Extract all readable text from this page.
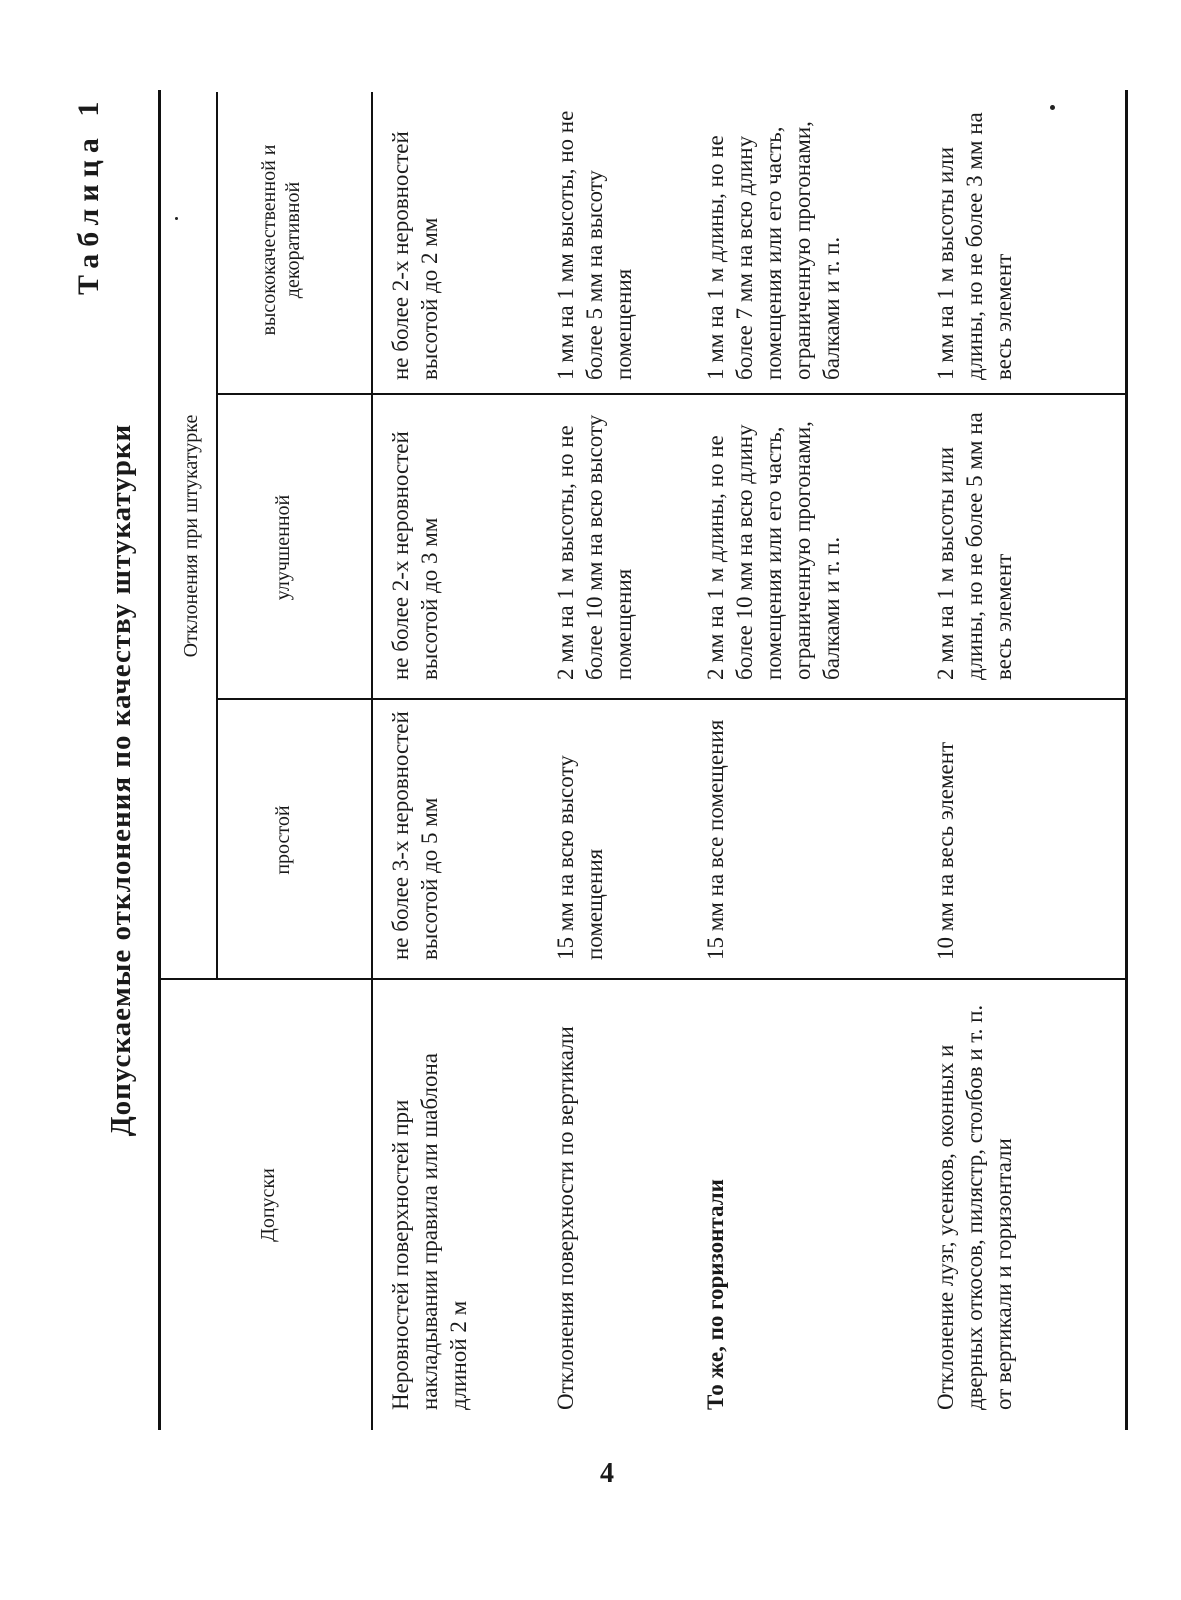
Таблица 1
Допускаемые отклонения по качеству штукатурки
Допуски
Отклонения при штукатурке
простой
улучшенной
высококачественной и декоративной
Неровностей поверхностей при накладывании правила или шаблона длиной 2 м
не более 3-х неровностей высотой до 5 мм
не более 2-х неровностей высотой до 3 мм
не более 2-х неровностей высотой до 2 мм
Отклонения поверхности по вертикали
15 мм на всю высоту помещения
2 мм на 1 м высоты, но не более 10 мм на всю высоту помещения
1 мм на 1 мм высоты, но не более 5 мм на высоту помещения
То же, по горизонтали
15 мм на все помещения
2 мм на 1 м длины, но не более 10 мм на всю длину помещения или его часть, ограниченную прогонами, балками и т. п.
1 мм на 1 м длины, но не более 7 мм на всю длину помещения или его часть, ограниченную прогонами, балками и т. п.
Отклонение лузг, усенков, оконных и дверных откосов, пилястр, столбов и т. п. от вертикали и горизонтали
10 мм на весь элемент
2 мм на 1 м высоты или длины, но не более 5 мм на весь элемент
1 мм на 1 м высоты или длины, но не более 3 мм на весь элемент
4
